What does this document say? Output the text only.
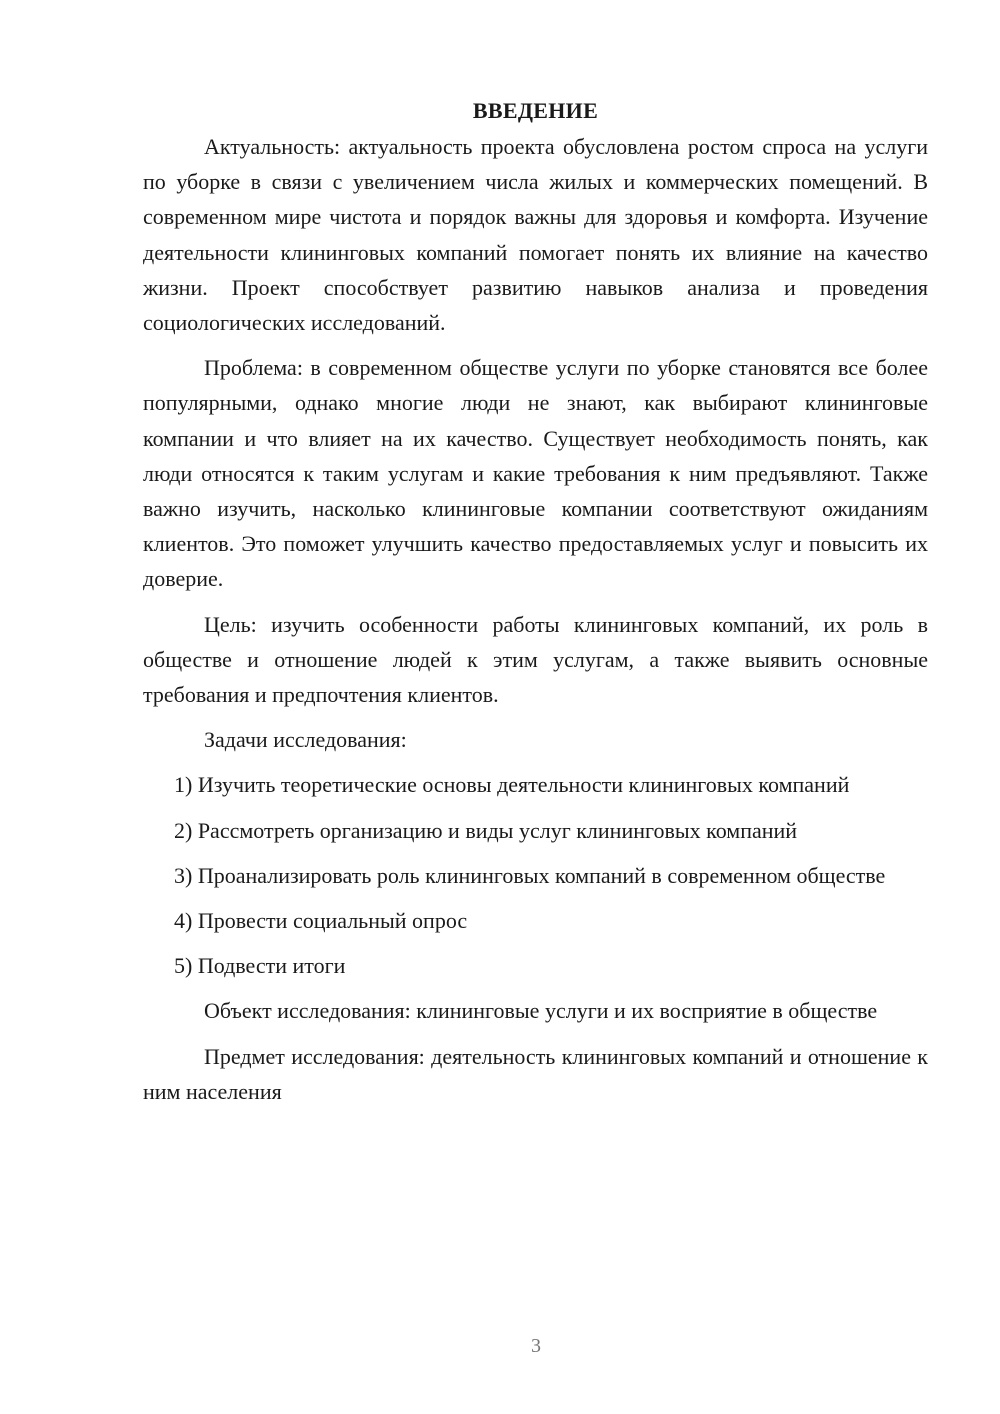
ВВЕДЕНИЕ

Актуальность: актуальность проекта обусловлена ростом спроса на услуги по уборке в связи с увеличением числа жилых и коммерческих помещений. В современном мире чистота и порядок важны для здоровья и комфорта. Изучение деятельности клининговых компаний помогает понять их влияние на качество жизни. Проект способствует развитию навыков анализа и проведения социологических исследований.

Проблема: в современном обществе услуги по уборке становятся все более популярными, однако многие люди не знают, как выбирают клининговые компании и что влияет на их качество. Существует необходимость понять, как люди относятся к таким услугам и какие требования к ним предъявляют. Также важно изучить, насколько клининговые компании соответствуют ожиданиям клиентов. Это поможет улучшить качество предоставляемых услуг и повысить их доверие.

Цель: изучить особенности работы клининговых компаний, их роль в обществе и отношение людей к этим услугам, а также выявить основные требования и предпочтения клиентов.

Задачи исследования:

1) Изучить теоретические основы деятельности клининговых компаний

2) Рассмотреть организацию и виды услуг клининговых компаний

3) Проанализировать роль клининговых компаний в современном обществе

4) Провести социальный опрос

5) Подвести итоги

Объект исследования: клининговые услуги и их восприятие в обществе

Предмет исследования: деятельность клининговых компаний и отношение к ним населения

3
